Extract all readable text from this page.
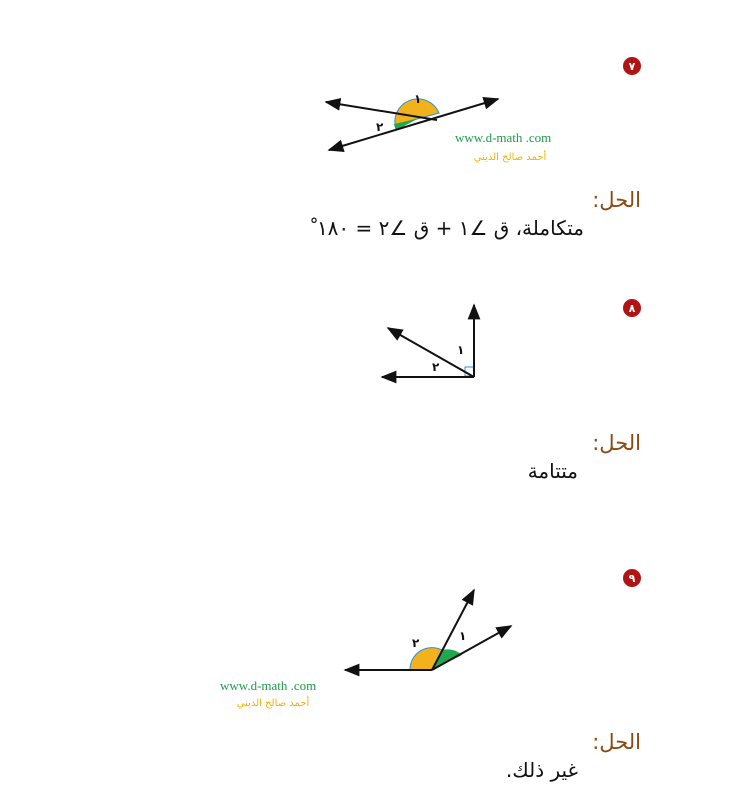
١
٢
www.d-math .com
أحمد صالح الديني
١
٢
١
٢
www.d-math .com
أحمد صالح الديني
٧
الحل:
متكاملة، ق ∠١ + ق ∠٢ = ١٨٠ ْ
٨
الحل:
متتامة
٩
الحل:
غير ذلك.
